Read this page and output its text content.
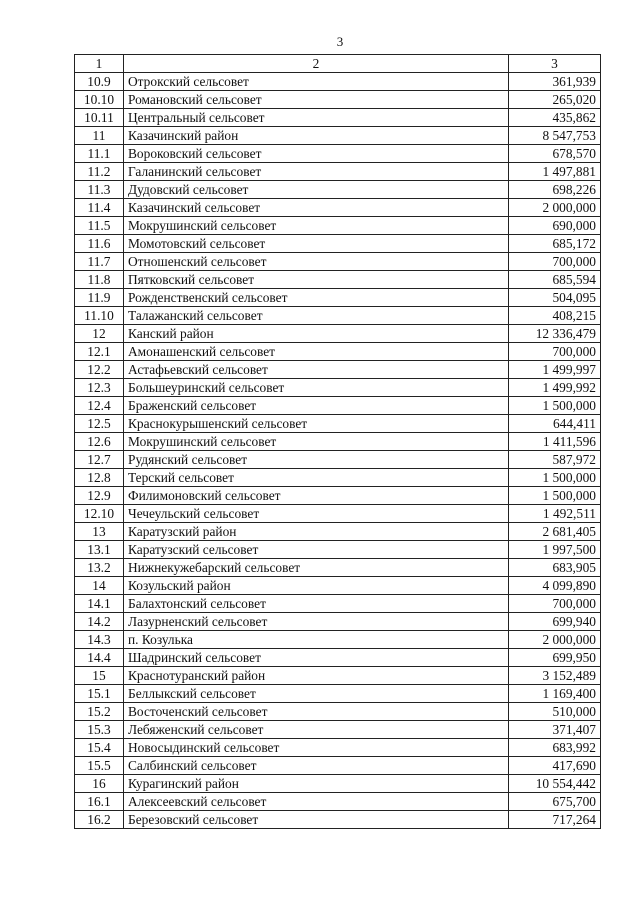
3
1	2	3
10.9	Отрокский сельсовет	361,939
10.10	Романовский сельсовет	265,020
10.11	Центральный сельсовет	435,862
11	Казачинский район	8 547,753
11.1	Вороковский сельсовет	678,570
11.2	Галанинский сельсовет	1 497,881
11.3	Дудовский сельсовет	698,226
11.4	Казачинский сельсовет	2 000,000
11.5	Мокрушинский сельсовет	690,000
11.6	Момотовский сельсовет	685,172
11.7	Отношенский сельсовет	700,000
11.8	Пятковский сельсовет	685,594
11.9	Рожденственский сельсовет	504,095
11.10	Талажанский сельсовет	408,215
12	Канский район	12 336,479
12.1	Амонашенский сельсовет	700,000
12.2	Астафьевский сельсовет	1 499,997
12.3	Большеуринский сельсовет	1 499,992
12.4	Браженский сельсовет	1 500,000
12.5	Краснокурышенский сельсовет	644,411
12.6	Мокрушинский сельсовет	1 411,596
12.7	Рудянский сельсовет	587,972
12.8	Терский сельсовет	1 500,000
12.9	Филимоновский сельсовет	1 500,000
12.10	Чечеульский сельсовет	1 492,511
13	Каратузский район	2 681,405
13.1	Каратузский сельсовет	1 997,500
13.2	Нижнекужебарский сельсовет	683,905
14	Козульский район	4 099,890
14.1	Балахтонский сельсовет	700,000
14.2	Лазурненский сельсовет	699,940
14.3	п. Козулька	2 000,000
14.4	Шадринский сельсовет	699,950
15	Краснотуранский район	3 152,489
15.1	Беллыкский сельсовет	1 169,400
15.2	Восточенский сельсовет	510,000
15.3	Лебяженский сельсовет	371,407
15.4	Новосыдинский сельсовет	683,992
15.5	Салбинский сельсовет	417,690
16	Курагинский район	10 554,442
16.1	Алексеевский сельсовет	675,700
16.2	Березовский сельсовет	717,264
